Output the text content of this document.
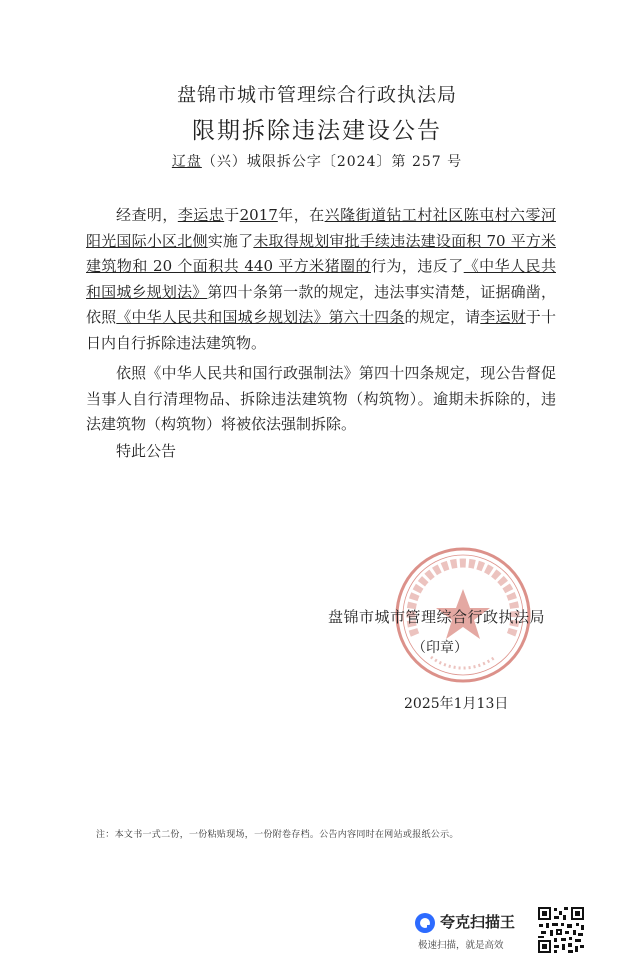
盘锦市城市管理综合行政执法局
限期拆除违法建设公告
辽盘（兴）城限拆公字〔2024〕第 257 号

经查明，李运忠于2017年，在兴隆街道钻工村社区陈屯村六零河阳光国际小区北侧实施了未取得规划审批手续违法建设面积 70 平方米建筑物和 20 个面积共 440 平方米猪圈的行为，违反了《中华人民共和国城乡规划法》第四十条第一款的规定，违法事实清楚，证据确凿，依照《中华人民共和国城乡规划法》第六十四条的规定，请李运财于十日内自行拆除违法建筑物。

依照《中华人民共和国行政强制法》第四十四条规定，现公告督促当事人自行清理物品、拆除违法建筑物（构筑物）。逾期未拆除的，违法建筑物（构筑物）将被依法强制拆除。

特此公告

盘锦市城市管理综合行政执法局
（印章）
2025年1月13日
注：本文书一式二份，一份粘贴现场，一份附卷存档。公告内容同时在网站或报纸公示。
夸克扫描王
极速扫描，就是高效
